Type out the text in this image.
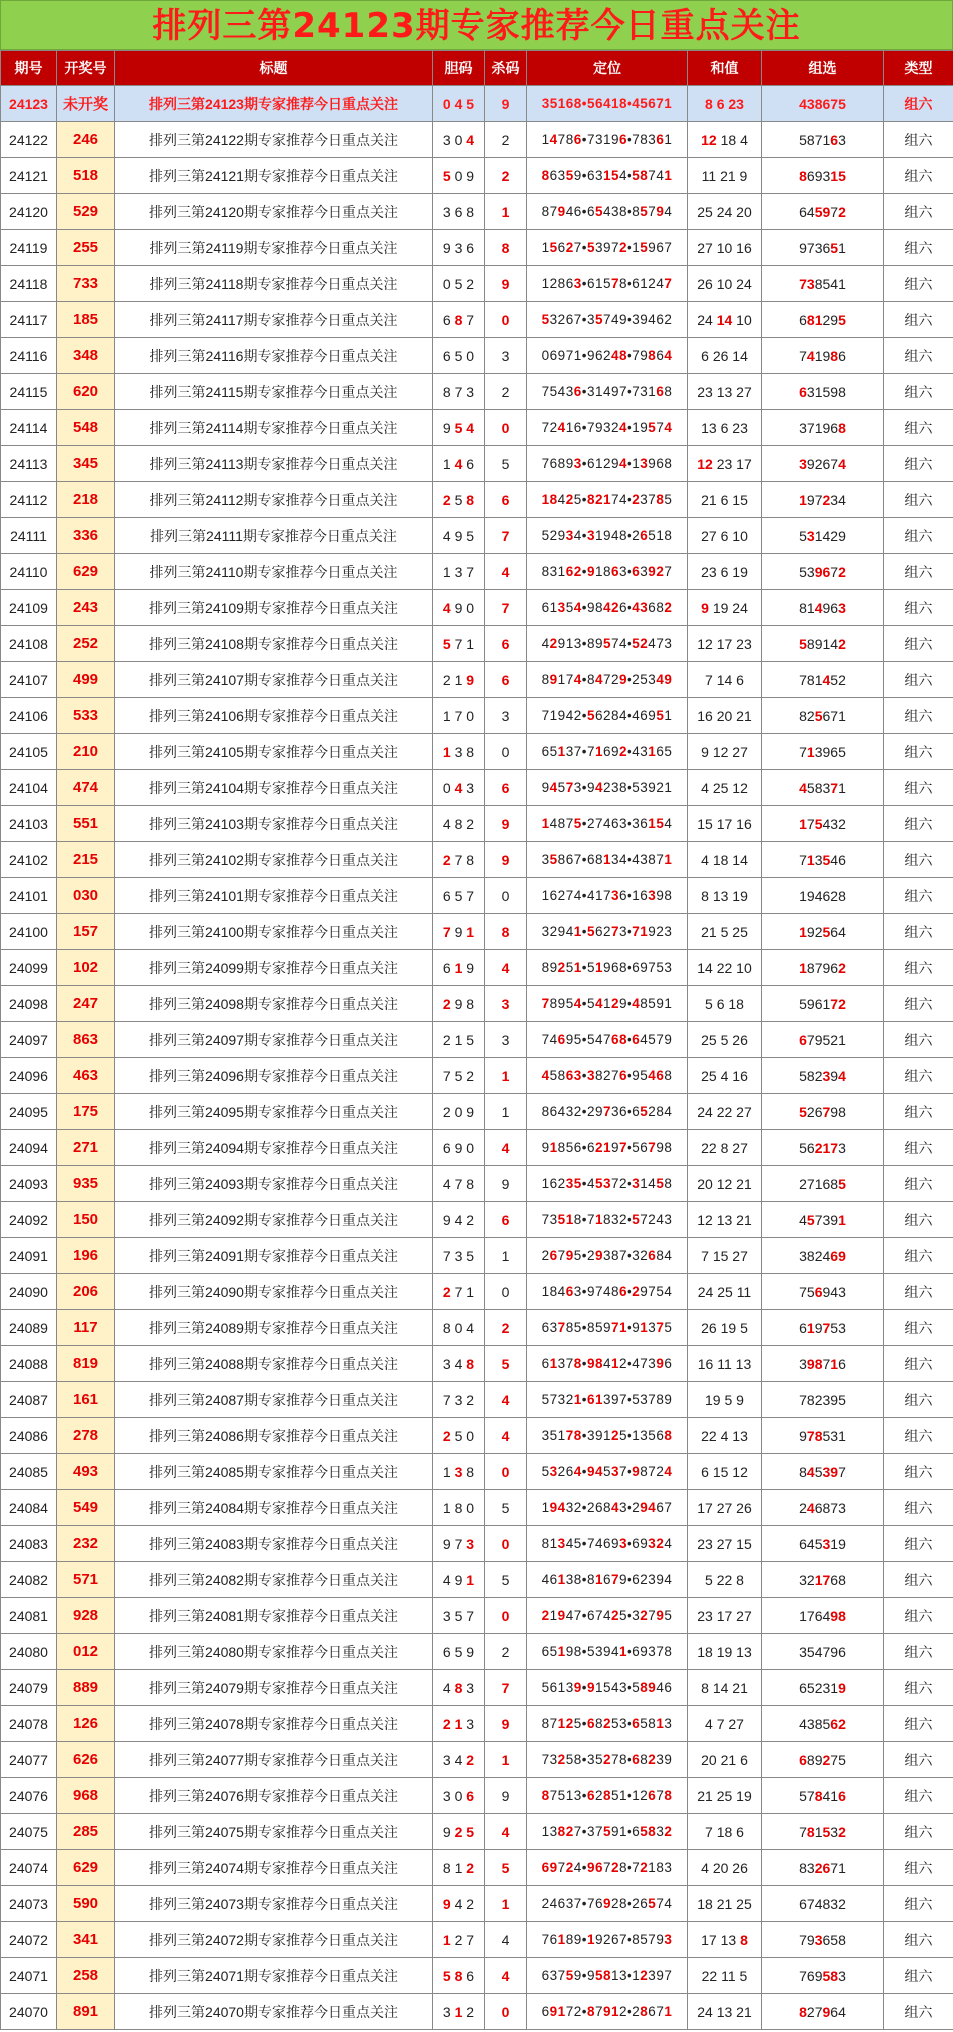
排列三第24123期专家推荐今日重点关注
期号	开奖号	标题	胆码	杀码	定位	和值	组选	类型
24123	未开奖	排列三第24123期专家推荐今日重点关注	0 4 5	9	35168•56418•45671	8 6 23	438675	组六
24122	246	排列三第24122期专家推荐今日重点关注	3 0 4	2	14786•73196•78361	12 18 4	587163	组六
24121	518	排列三第24121期专家推荐今日重点关注	5 0 9	2	86359•63154•58741	11 21 9	869315	组六
24120	529	排列三第24120期专家推荐今日重点关注	3 6 8	1	87946•65438•85794	25 24 20	645972	组六
24119	255	排列三第24119期专家推荐今日重点关注	9 3 6	8	15627•53972•15967	27 10 16	973651	组六
24118	733	排列三第24118期专家推荐今日重点关注	0 5 2	9	12863•61578•61247	26 10 24	738541	组六
24117	185	排列三第24117期专家推荐今日重点关注	6 8 7	0	53267•35749•39462	24 14 10	681295	组六
24116	348	排列三第24116期专家推荐今日重点关注	6 5 0	3	06971•96248•79864	6 26 14	741986	组六
24115	620	排列三第24115期专家推荐今日重点关注	8 7 3	2	75436•31497•73168	23 13 27	631598	组六
24114	548	排列三第24114期专家推荐今日重点关注	9 5 4	0	72416•79324•19574	13 6 23	371968	组六
24113	345	排列三第24113期专家推荐今日重点关注	1 4 6	5	76893•61294•13968	12 23 17	392674	组六
24112	218	排列三第24112期专家推荐今日重点关注	2 5 8	6	18425•82174•23785	21 6 15	197234	组六
24111	336	排列三第24111期专家推荐今日重点关注	4 9 5	7	52934•31948•26518	27 6 10	531429	组六
24110	629	排列三第24110期专家推荐今日重点关注	1 3 7	4	83162•91863•63927	23 6 19	539672	组六
24109	243	排列三第24109期专家推荐今日重点关注	4 9 0	7	61354•98426•43682	9 19 24	814963	组六
24108	252	排列三第24108期专家推荐今日重点关注	5 7 1	6	42913•89574•52473	12 17 23	589142	组六
24107	499	排列三第24107期专家推荐今日重点关注	2 1 9	6	89174•84729•25349	7 14 6	781452	组六
24106	533	排列三第24106期专家推荐今日重点关注	1 7 0	3	71942•56284•46951	16 20 21	825671	组六
24105	210	排列三第24105期专家推荐今日重点关注	1 3 8	0	65137•71692•43165	9 12 27	713965	组六
24104	474	排列三第24104期专家推荐今日重点关注	0 4 3	6	94573•94238•53921	4 25 12	458371	组六
24103	551	排列三第24103期专家推荐今日重点关注	4 8 2	9	14875•27463•36154	15 17 16	175432	组六
24102	215	排列三第24102期专家推荐今日重点关注	2 7 8	9	35867•68134•43871	4 18 14	713546	组六
24101	030	排列三第24101期专家推荐今日重点关注	6 5 7	0	16274•41736•16398	8 13 19	194628	组六
24100	157	排列三第24100期专家推荐今日重点关注	7 9 1	8	32941•56273•71923	21 5 25	192564	组六
24099	102	排列三第24099期专家推荐今日重点关注	6 1 9	4	89251•51968•69753	14 22 10	187962	组六
24098	247	排列三第24098期专家推荐今日重点关注	2 9 8	3	78954•54129•48591	5 6 18	596172	组六
24097	863	排列三第24097期专家推荐今日重点关注	2 1 5	3	74695•54768•64579	25 5 26	679521	组六
24096	463	排列三第24096期专家推荐今日重点关注	7 5 2	1	45863•38276•95468	25 4 16	582394	组六
24095	175	排列三第24095期专家推荐今日重点关注	2 0 9	1	86432•29736•65284	24 22 27	526798	组六
24094	271	排列三第24094期专家推荐今日重点关注	6 9 0	4	91856•62197•56798	22 8 27	562173	组六
24093	935	排列三第24093期专家推荐今日重点关注	4 7 8	9	16235•45372•31458	20 12 21	271685	组六
24092	150	排列三第24092期专家推荐今日重点关注	9 4 2	6	73518•71832•57243	12 13 21	457391	组六
24091	196	排列三第24091期专家推荐今日重点关注	7 3 5	1	26795•29387•32684	7 15 27	382469	组六
24090	206	排列三第24090期专家推荐今日重点关注	2 7 1	0	18463•97486•29754	24 25 11	756943	组六
24089	117	排列三第24089期专家推荐今日重点关注	8 0 4	2	63785•85971•91375	26 19 5	619753	组六
24088	819	排列三第24088期专家推荐今日重点关注	3 4 8	5	61378•98412•47396	16 11 13	398716	组六
24087	161	排列三第24087期专家推荐今日重点关注	7 3 2	4	57321•61397•53789	19 5 9	782395	组六
24086	278	排列三第24086期专家推荐今日重点关注	2 5 0	4	35178•39125•13568	22 4 13	978531	组六
24085	493	排列三第24085期专家推荐今日重点关注	1 3 8	0	53264•94537•98724	6 15 12	845397	组六
24084	549	排列三第24084期专家推荐今日重点关注	1 8 0	5	19432•26843•29467	17 27 26	246873	组六
24083	232	排列三第24083期专家推荐今日重点关注	9 7 3	0	81345•74693•69324	23 27 15	645319	组六
24082	571	排列三第24082期专家推荐今日重点关注	4 9 1	5	46138•81679•62394	5 22 8	321768	组六
24081	928	排列三第24081期专家推荐今日重点关注	3 5 7	0	21947•67425•32795	23 17 27	176498	组六
24080	012	排列三第24080期专家推荐今日重点关注	6 5 9	2	65198•53941•69378	18 19 13	354796	组六
24079	889	排列三第24079期专家推荐今日重点关注	4 8 3	7	56139•91543•58946	8 14 21	652319	组六
24078	126	排列三第24078期专家推荐今日重点关注	2 1 3	9	87125•68253•65813	4 7 27	438562	组六
24077	626	排列三第24077期专家推荐今日重点关注	3 4 2	1	73258•35278•68239	20 21 6	689275	组六
24076	968	排列三第24076期专家推荐今日重点关注	3 0 6	9	87513•62851•12678	21 25 19	578416	组六
24075	285	排列三第24075期专家推荐今日重点关注	9 2 5	4	13827•37591•65832	7 18 6	781532	组六
24074	629	排列三第24074期专家推荐今日重点关注	8 1 2	5	69724•96728•72183	4 20 26	832671	组六
24073	590	排列三第24073期专家推荐今日重点关注	9 4 2	1	24637•76928•26574	18 21 25	674832	组六
24072	341	排列三第24072期专家推荐今日重点关注	1 2 7	4	76189•19267•85793	17 13 8	793658	组六
24071	258	排列三第24071期专家推荐今日重点关注	5 8 6	4	63759•95813•12397	22 11 5	769583	组六
24070	891	排列三第24070期专家推荐今日重点关注	3 1 2	0	69172•87912•28671	24 13 21	827964	组六
